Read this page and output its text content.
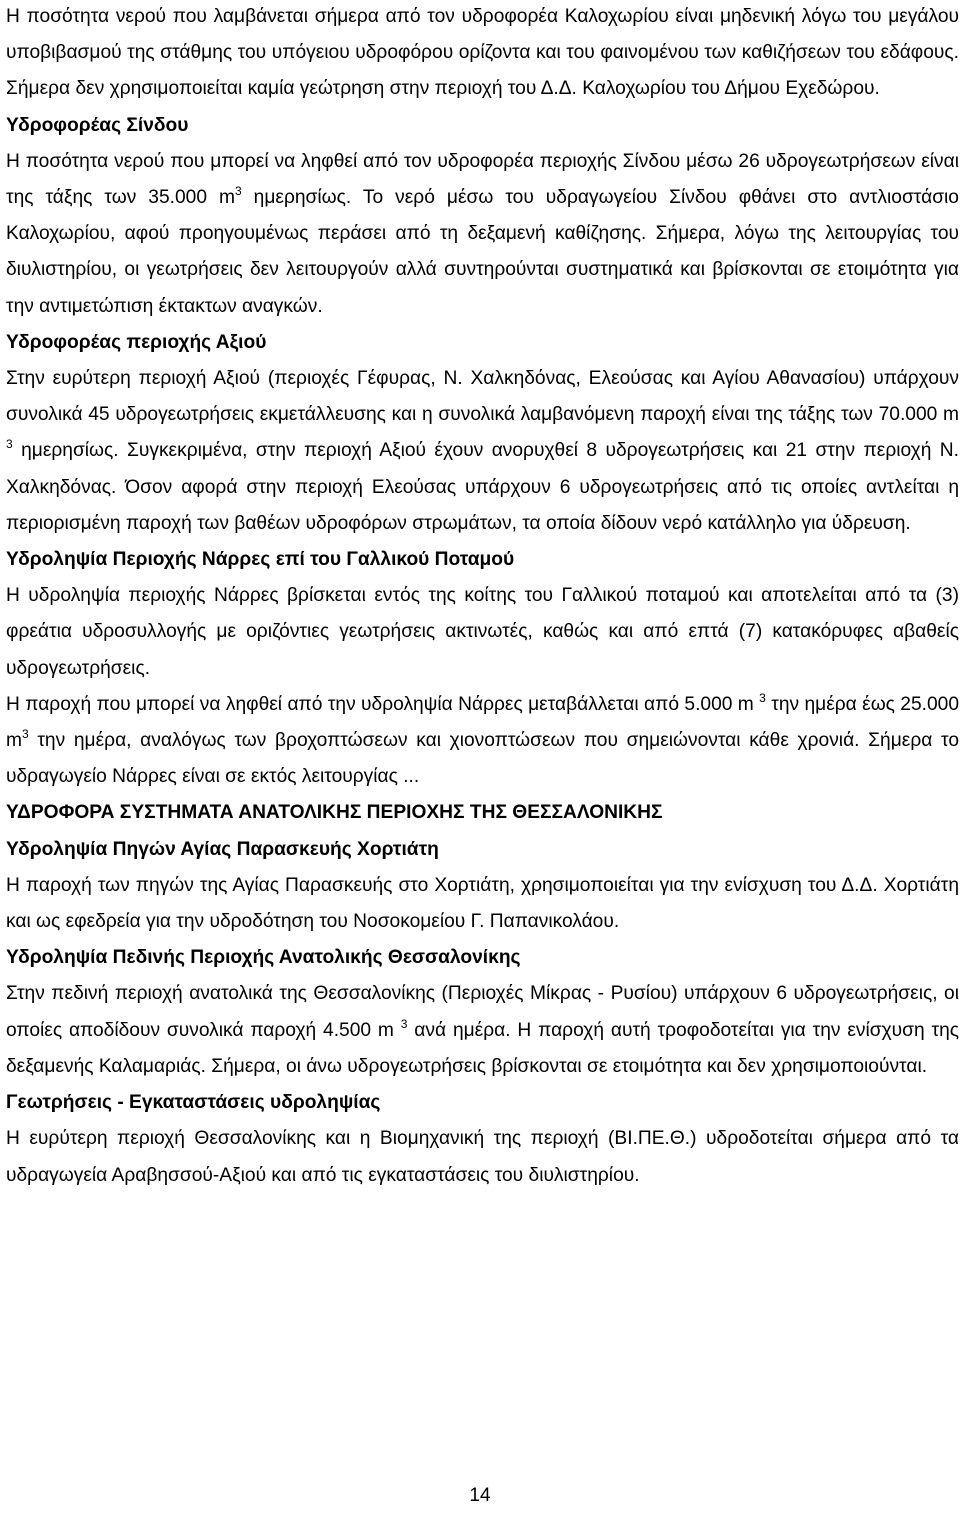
Η ποσότητα νερού που λαμβάνεται σήμερα από τον υδροφορέα Καλοχωρίου είναι μηδενική λόγω του μεγάλου υποβιβασμού της στάθμης του υπόγειου υδροφόρου ορίζοντα και του φαινομένου των καθιζήσεων του εδάφους. Σήμερα δεν χρησιμοποιείται καμία γεώτρηση στην περιοχή του Δ.Δ. Καλοχωρίου του Δήμου Εχεδώρου.

Υδροφορέας Σίνδου

Η ποσότητα νερού που μπορεί να ληφθεί από τον υδροφορέα περιοχής Σίνδου μέσω 26 υδρογεωτρήσεων είναι της τάξης των 35.000 $m^3$ ημερησίως. Το νερό μέσω του υδραγωγείου Σίνδου φθάνει στο αντλιοστάσιο Καλοχωρίου, αφού προηγουμένως περάσει από τη δεξαμενή καθίζησης. Σήμερα, λόγω της λειτουργίας του διυλιστηρίου, οι γεωτρήσεις δεν λειτουργούν αλλά συντηρούνται συστηματικά και βρίσκονται σε ετοιμότητα για την αντιμετώπιση έκτακτων αναγκών.

Υδροφορέας περιοχής Αξιού

Στην ευρύτερη περιοχή Αξιού (περιοχές Γέφυρας, Ν. Χαλκηδόνας, Ελεούσας και Αγίου Αθανασίου) υπάρχουν συνολικά 45 υδρογεωτρήσεις εκμετάλλευσης και η συνολικά λαμβανόμενη παροχή είναι της τάξης των 70.000 m $^3$ ημερησίως. Συγκεκριμένα, στην περιοχή Αξιού έχουν ανορυχθεί 8 υδρογεωτρήσεις και 21 στην περιοχή Ν. Χαλκηδόνας. Όσον αφορά στην περιοχή Ελεούσας υπάρχουν 6 υδρογεωτρήσεις από τις οποίες αντλείται η περιορισμένη παροχή των βαθέων υδροφόρων στρωμάτων, τα οποία δίδουν νερό κατάλληλο για ύδρευση.

Υδροληψία Περιοχής Νάρρες επί του Γαλλικού Ποταμού

Η υδροληψία περιοχής Νάρρες βρίσκεται εντός της κοίτης του Γαλλικού ποταμού και αποτελείται από τα (3) φρεάτια υδροσυλλογής με οριζόντιες γεωτρήσεις ακτινωτές, καθώς και από επτά (7) κατακόρυφες αβαθείς υδρογεωτρήσεις.

Η παροχή που μπορεί να ληφθεί από την υδροληψία Νάρρες μεταβάλλεται από 5.000 m $^3$ την ημέρα έως 25.000 $m^3$ την ημέρα, αναλόγως των βροχοπτώσεων και χιονοπτώσεων που σημειώνονται κάθε χρονιά. Σήμερα το υδραγωγείο Νάρρες είναι σε εκτός λειτουργίας ...

ΥΔΡΟΦΟΡΑ ΣΥΣΤΗΜΑΤΑ ΑΝΑΤΟΛΙΚΗΣ ΠΕΡΙΟΧΗΣ ΤΗΣ ΘΕΣΣΑΛΟΝΙΚΗΣ

Υδροληψία Πηγών Αγίας Παρασκευής Χορτιάτη

Η παροχή των πηγών της Αγίας Παρασκευής στο Χορτιάτη, χρησιμοποιείται για την ενίσχυση του Δ.Δ. Χορτιάτη και ως εφεδρεία για την υδροδότηση του Νοσοκομείου Γ. Παπανικολάου.

Υδροληψία Πεδινής Περιοχής Ανατολικής Θεσσαλονίκης

Στην πεδινή περιοχή ανατολικά της Θεσσαλονίκης (Περιοχές Μίκρας - Ρυσίου) υπάρχουν 6 υδρογεωτρήσεις, οι οποίες αποδίδουν συνολικά παροχή 4.500 m $^3$ ανά ημέρα. Η παροχή αυτή τροφοδοτείται για την ενίσχυση της δεξαμενής Καλαμαριάς. Σήμερα, οι άνω υδρογεωτρήσεις βρίσκονται σε ετοιμότητα και δεν χρησιμοποιούνται.

Γεωτρήσεις - Εγκαταστάσεις υδροληψίας

Η ευρύτερη περιοχή Θεσσαλονίκης και η Βιομηχανική της περιοχή (ΒΙ.ΠΕ.Θ.) υδροδοτείται σήμερα από τα υδραγωγεία Αραβησσού-Αξιού και από τις εγκαταστάσεις του διυλιστηρίου.

14
